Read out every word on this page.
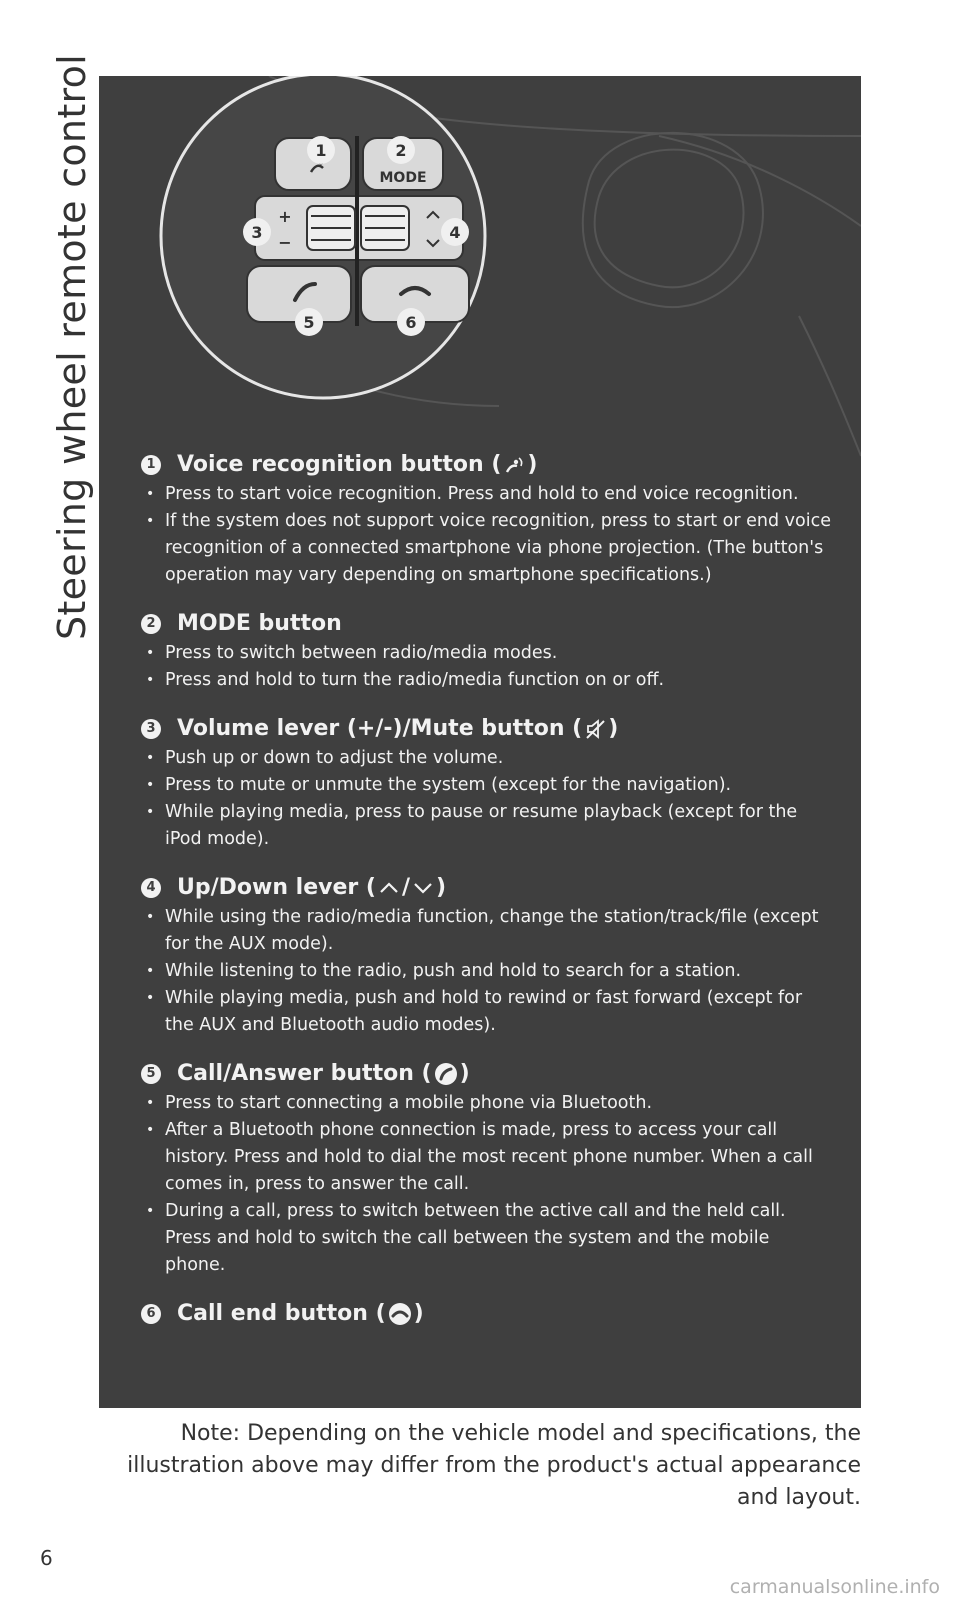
Steering wheel remote control	MODE
+
−
1	2
3	4
5	6
1 Voice recognition button ( )
• Press to start voice recognition. Press and hold to end voice recognition.
• If the system does not support voice recognition, press to start or end voice recognition of a connected smartphone via phone projection. (The button's operation may vary depending on smartphone specifications.)
2 MODE button
• Press to switch between radio/media modes.
• Press and hold to turn the radio/media function on or off.
3 Volume lever (+/-)/Mute button ( )
• Push up or down to adjust the volume.
• Press to mute or unmute the system (except for the navigation).
• While playing media, press to pause or resume playback (except for the iPod mode).
4 Up/Down lever ( / )
• While using the radio/media function, change the station/track/file (except for the AUX mode).
• While listening to the radio, push and hold to search for a station.
• While playing media, push and hold to rewind or fast forward (except for the AUX and Bluetooth audio modes).
5 Call/Answer button ( )
• Press to start connecting a mobile phone via Bluetooth.
• After a Bluetooth phone connection is made, press to access your call history. Press and hold to dial the most recent phone number. When a call comes in, press to answer the call.
• During a call, press to switch between the active call and the held call. Press and hold to switch the call between the system and the mobile phone.
6 Call end button ( )
Note: Depending on the vehicle model and specifications, the illustration above may differ from the product's actual appearance and layout.
6
carmanualsonline.info
